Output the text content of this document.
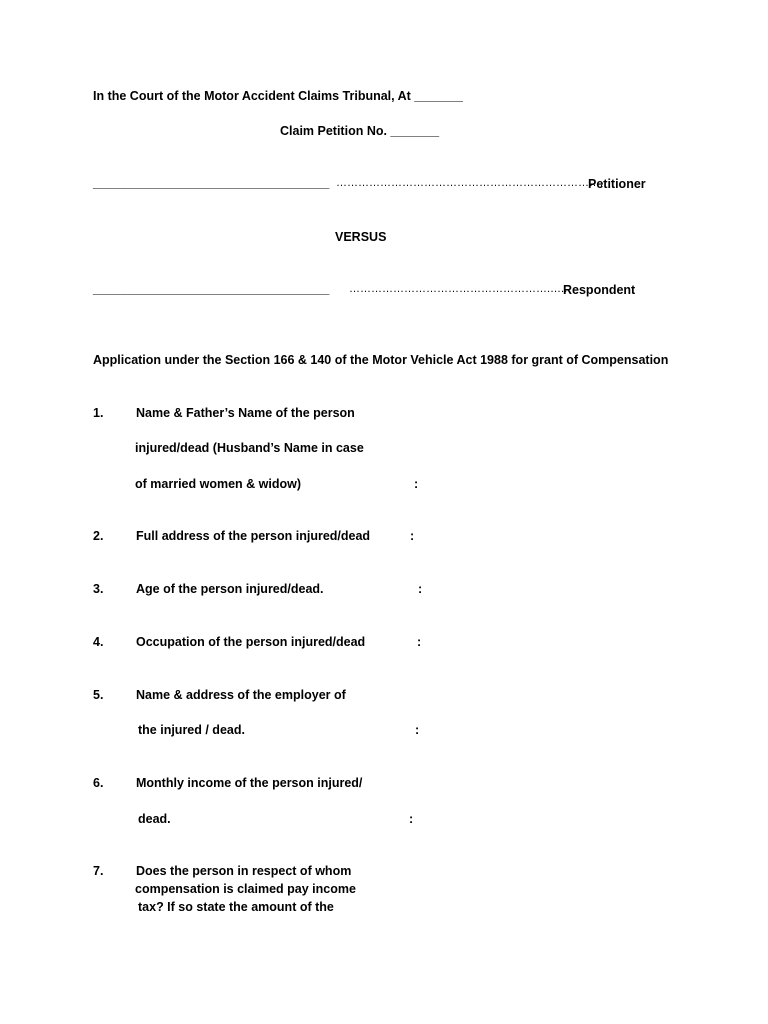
In the Court of the Motor Accident Claims Tribunal, At _______
Claim Petition No. _______
__________________________________ ……………………………………………………………….
Petitioner
VERSUS
__________________________________ ……………………………………………….…..
Respondent
Application under the Section 166 & 140 of the Motor Vehicle Act 1988 for grant of Compensation
1.	Name & Father’s Name of the person
injured/dead (Husband’s Name in case
of married women & widow)	:
2.	Full address of the person injured/dead	:
3.	Age of the person injured/dead.	:
4.	Occupation of the person injured/dead	:
5.	Name & address of the employer of
the injured / dead.	:
6.	Monthly income of the person injured/
dead.	:
7.	Does the person in respect of whom
compensation is claimed pay income
tax? If so state the amount of the
